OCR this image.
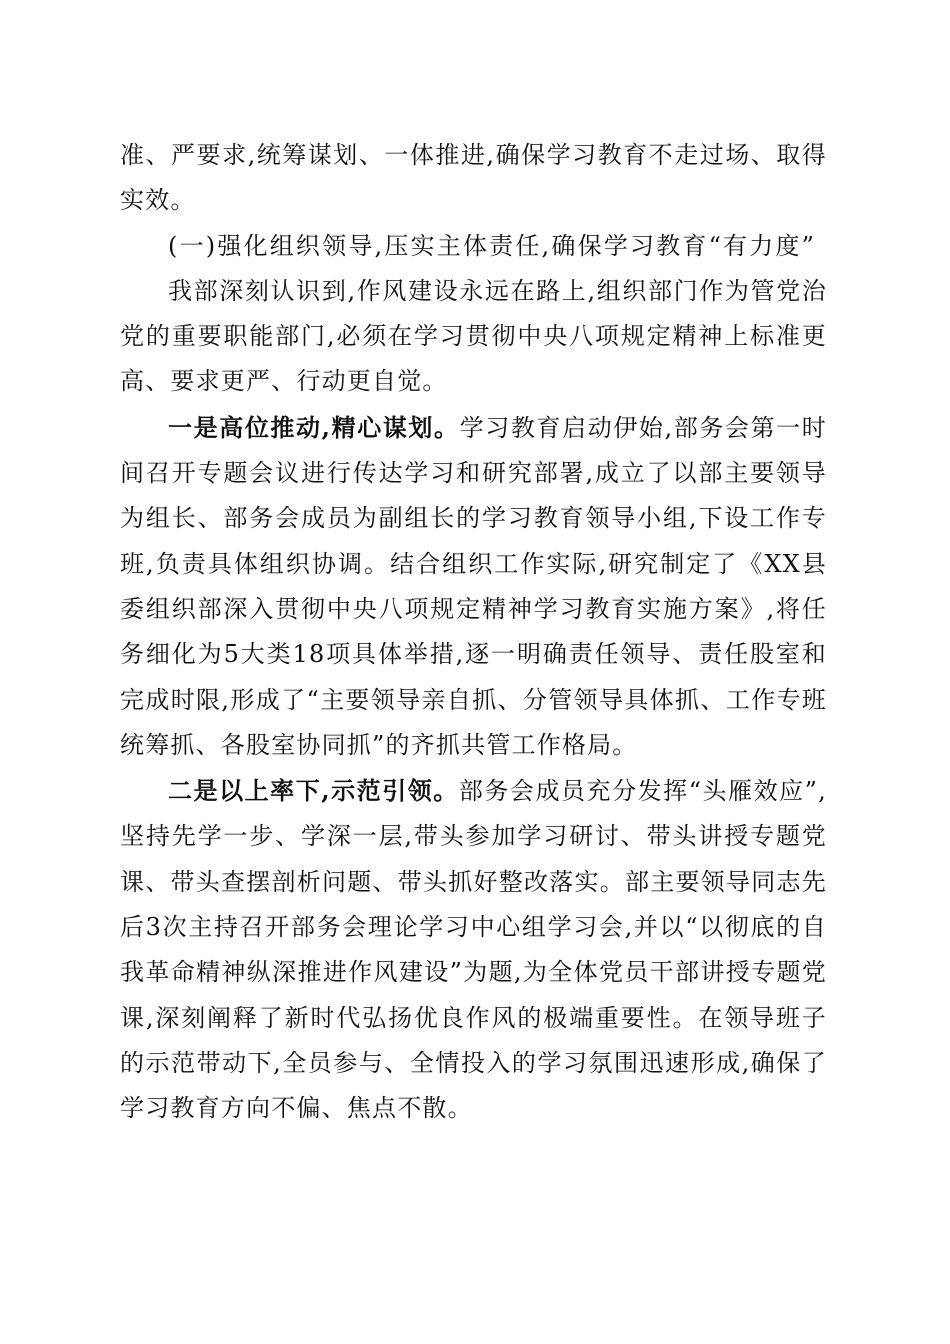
准、严要求,统筹谋划、一体推进,确保学习教育不走过场、取得实效。

(一)强化组织领导,压实主体责任,确保学习教育“有力度”

我部深刻认识到,作风建设永远在路上,组织部门作为管党治党的重要职能部门,必须在学习贯彻中央八项规定精神上标准更高、要求更严、行动更自觉。

一是高位推动,精心谋划。学习教育启动伊始,部务会第一时间召开专题会议进行传达学习和研究部署,成立了以部主要领导为组长、部务会成员为副组长的学习教育领导小组,下设工作专班,负责具体组织协调。结合组织工作实际,研究制定了《XX县委组织部深入贯彻中央八项规定精神学习教育实施方案》,将任务细化为5大类18项具体举措,逐一明确责任领导、责任股室和完成时限,形成了“主要领导亲自抓、分管领导具体抓、工作专班统筹抓、各股室协同抓”的齐抓共管工作格局。

二是以上率下,示范引领。部务会成员充分发挥“头雁效应”,坚持先学一步、学深一层,带头参加学习研讨、带头讲授专题党课、带头查摆剖析问题、带头抓好整改落实。部主要领导同志先后3次主持召开部务会理论学习中心组学习会,并以“以彻底的自我革命精神纵深推进作风建设”为题,为全体党员干部讲授专题党课,深刻阐释了新时代弘扬优良作风的极端重要性。在领导班子的示范带动下,全员参与、全情投入的学习氛围迅速形成,确保了学习教育方向不偏、焦点不散。
